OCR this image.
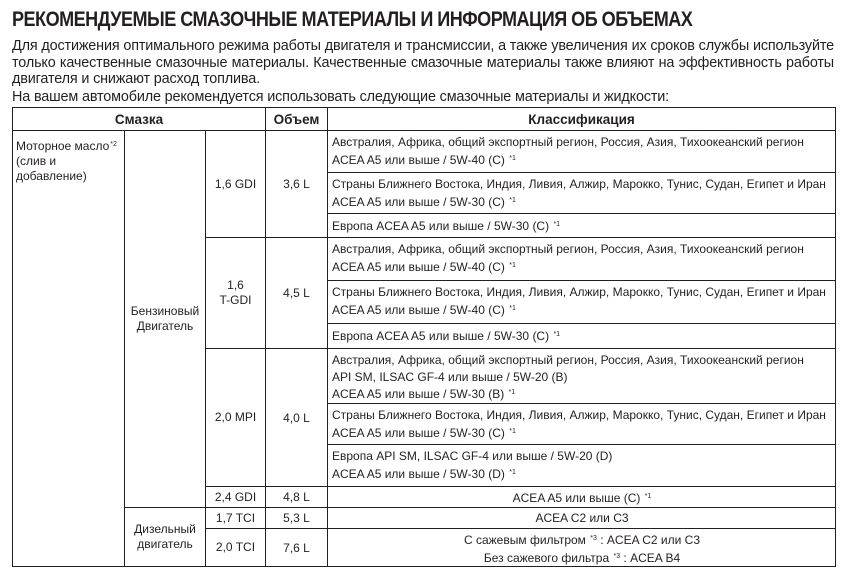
РЕКОМЕНДУЕМЫЕ СМАЗОЧНЫЕ МАТЕРИАЛЫ И ИНФОРМАЦИЯ ОБ ОБЪЕМАХ

Для достижения оптимального режима работы двигателя и трансмиссии, а также увеличения их сроков службы используйте только качественные смазочные материалы. Качественные смазочные материалы также влияют на эффективность работы двигателя и снижают расход топлива.

На вашем автомобиле рекомендуется использовать следующие смазочные материалы и жидкости:

Смазка			Объем	Классификация
Моторное масло$^{*2}$
(слив и добавление)	Бензиновый Двигатель	1,6 GDI	3,6 L	Австралия, Африка, общий экспортный регион, Россия, Азия, Тихоокеанский регион
ACEA A5 или выше / 5W-40 (C) $^{*1}$
				Страны Ближнего Востока, Индия, Ливия, Алжир, Марокко, Тунис, Судан, Египет и Иран
ACEA A5 или выше / 5W-30 (C) $^{*1}$
				Европа ACEA A5 или выше / 5W-30 (C) $^{*1}$
		1,6
T-GDI	4,5 L	Австралия, Африка, общий экспортный регион, Россия, Азия, Тихоокеанский регион
ACEA A5 или выше / 5W-40 (C) $^{*1}$
				Страны Ближнего Востока, Индия, Ливия, Алжир, Марокко, Тунис, Судан, Египет и Иран
ACEA A5 или выше / 5W-40 (C) $^{*1}$
				Европа ACEA A5 или выше / 5W-30 (C) $^{*1}$
		2,0 MPI	4,0 L	Австралия, Африка, общий экспортный регион, Россия, Азия, Тихоокеанский регион
API SM, ILSAC GF-4 или выше / 5W-20 (B)
ACEA A5 или выше / 5W-30 (B) $^{*1}$
				Страны Ближнего Востока, Индия, Ливия, Алжир, Марокко, Тунис, Судан, Египет и Иран
ACEA A5 или выше / 5W-30 (C) $^{*1}$
				Европа API SM, ILSAC GF-4 или выше / 5W-20 (D)
ACEA A5 или выше / 5W-30 (D) $^{*1}$
		2,4 GDI	4,8 L	ACEA A5 или выше (C) $^{*1}$
	Дизельный двигатель	1,7 TCI	5,3 L	ACEA C2 или C3
		2,0 TCI	7,6 L	С сажевым фильтром $^{*3}$ : ACEA C2 или C3
Без сажевого фильтра $^{*3}$ : ACEA B4
